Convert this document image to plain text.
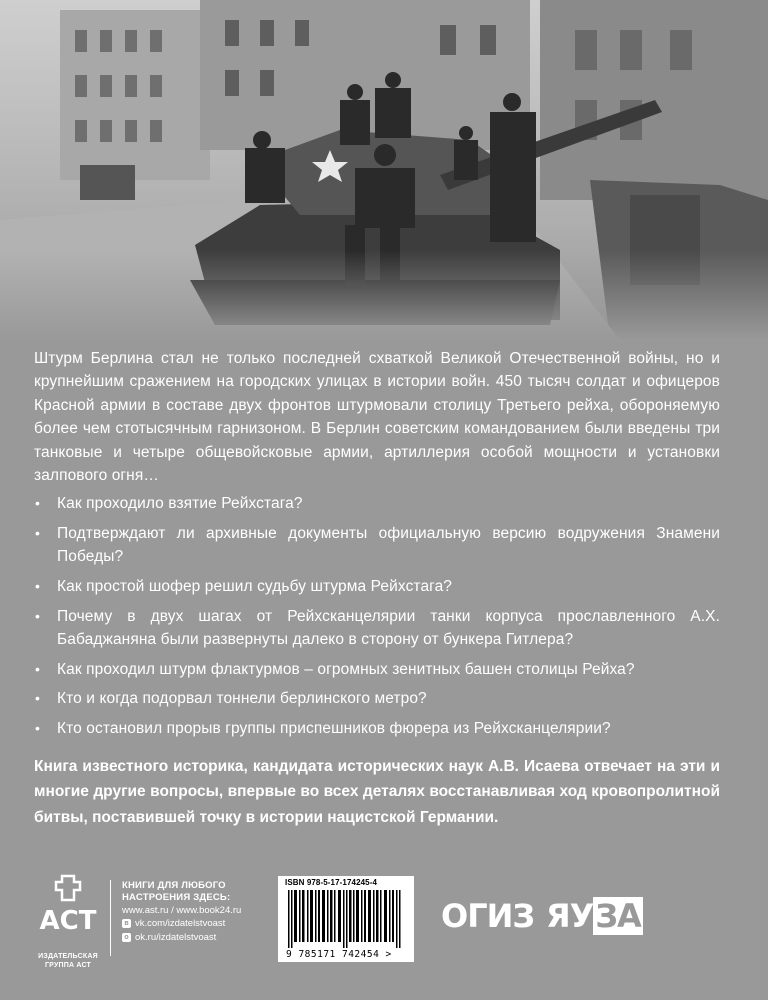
Штурм Берлина стал не только последней схваткой Великой Отечественной войны, но и крупнейшим сражением на городских улицах в истории войн. 450 тысяч солдат и офицеров Красной армии в составе двух фронтов штурмовали столицу Третьего рейха, обороняемую более чем стотысячным гарнизоном. В Берлин советским командованием были введены три танковые и четыре общевойсковые армии, артиллерия особой мощности и установки залпового огня…

• Как проходило взятие Рейхстага?
• Подтверждают ли архивные документы официальную версию водружения Знамени Победы?
• Как простой шофер решил судьбу штурма Рейхстага?
• Почему в двух шагах от Рейхсканцелярии танки корпуса прославленного А.Х. Бабаджаняна были развернуты далеко в сторону от бункера Гитлера?
• Как проходил штурм флактурмов – огромных зенитных башен столицы Рейха?
• Кто и когда подорвал тоннели берлинского метро?
• Кто остановил прорыв группы приспешников фюрера из Рейхсканцелярии?

Книга известного историка, кандидата исторических наук А.В. Исаева отвечает на эти и многие другие вопросы, впервые во всех деталях восстанавливая ход кровопролитной битвы, поставившей точку в истории нацистской Германии.

ACT
ИЗДАТЕЛЬСКАЯ
ГРУППА АСТ
КНИГИ ДЛЯ ЛЮБОГО
НАСТРОЕНИЯ ЗДЕСЬ:
www.ast.ru / www.book24.ru
в vk.com/izdatelstvoast
о ok.ru/izdatelstvoast
ISBN 978-5-17-174245-4
9 785171 742454 >
ОГИЗ ЯУЗА
